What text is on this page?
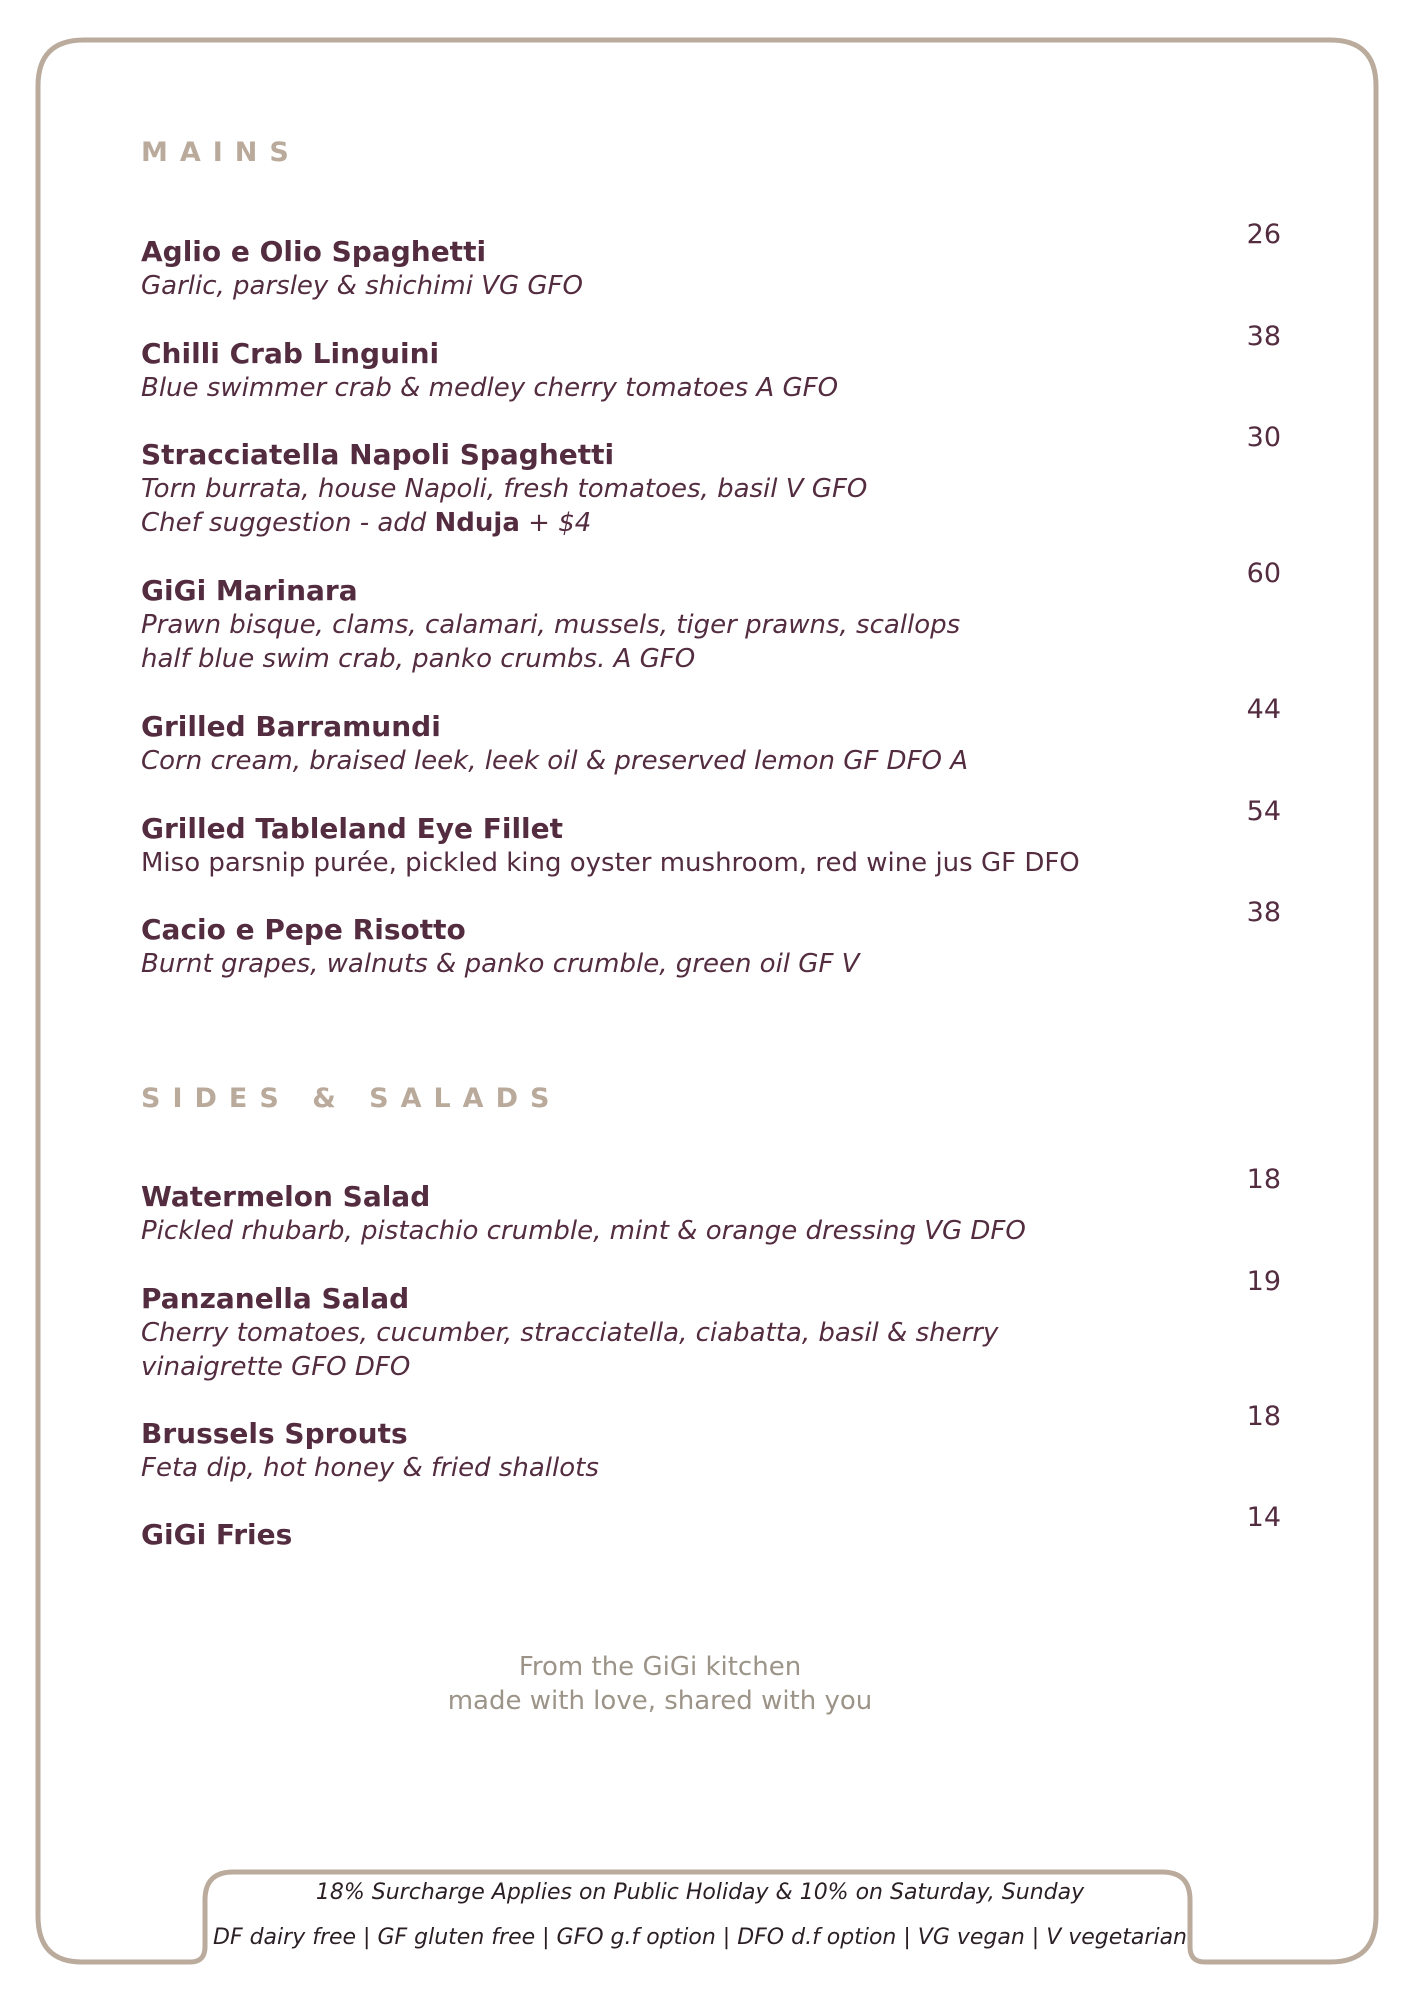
MAINS
Aglio e Olio Spaghetti
Garlic, parsley & shichimi VG GFO
26
Chilli Crab Linguini
Blue swimmer crab & medley cherry tomatoes A GFO
38
Stracciatella Napoli Spaghetti
Torn burrata, house Napoli, fresh tomatoes, basil V GFO
Chef suggestion - add Nduja + $4
30
GiGi Marinara
Prawn bisque, clams, calamari, mussels, tiger prawns, scallops
half blue swim crab, panko crumbs. A GFO
60
Grilled Barramundi
Corn cream, braised leek, leek oil & preserved lemon GF DFO A
44
Grilled Tableland Eye Fillet
Miso parsnip purée, pickled king oyster mushroom, red wine jus GF DFO
54
Cacio e Pepe Risotto
Burnt grapes, walnuts & panko crumble, green oil GF V
38
SIDES & SALADS
Watermelon Salad
Pickled rhubarb, pistachio crumble, mint & orange dressing VG DFO
18
Panzanella Salad
Cherry tomatoes, cucumber, stracciatella, ciabatta, basil & sherry
vinaigrette GFO DFO
19
Brussels Sprouts
Feta dip, hot honey & fried shallots
18
GiGi Fries
14
From the GiGi kitchen
made with love, shared with you
18% Surcharge Applies on Public Holiday & 10% on Saturday, Sunday
DF dairy free | GF gluten free | GFO g.f option | DFO d.f option | VG vegan | V vegetarian
